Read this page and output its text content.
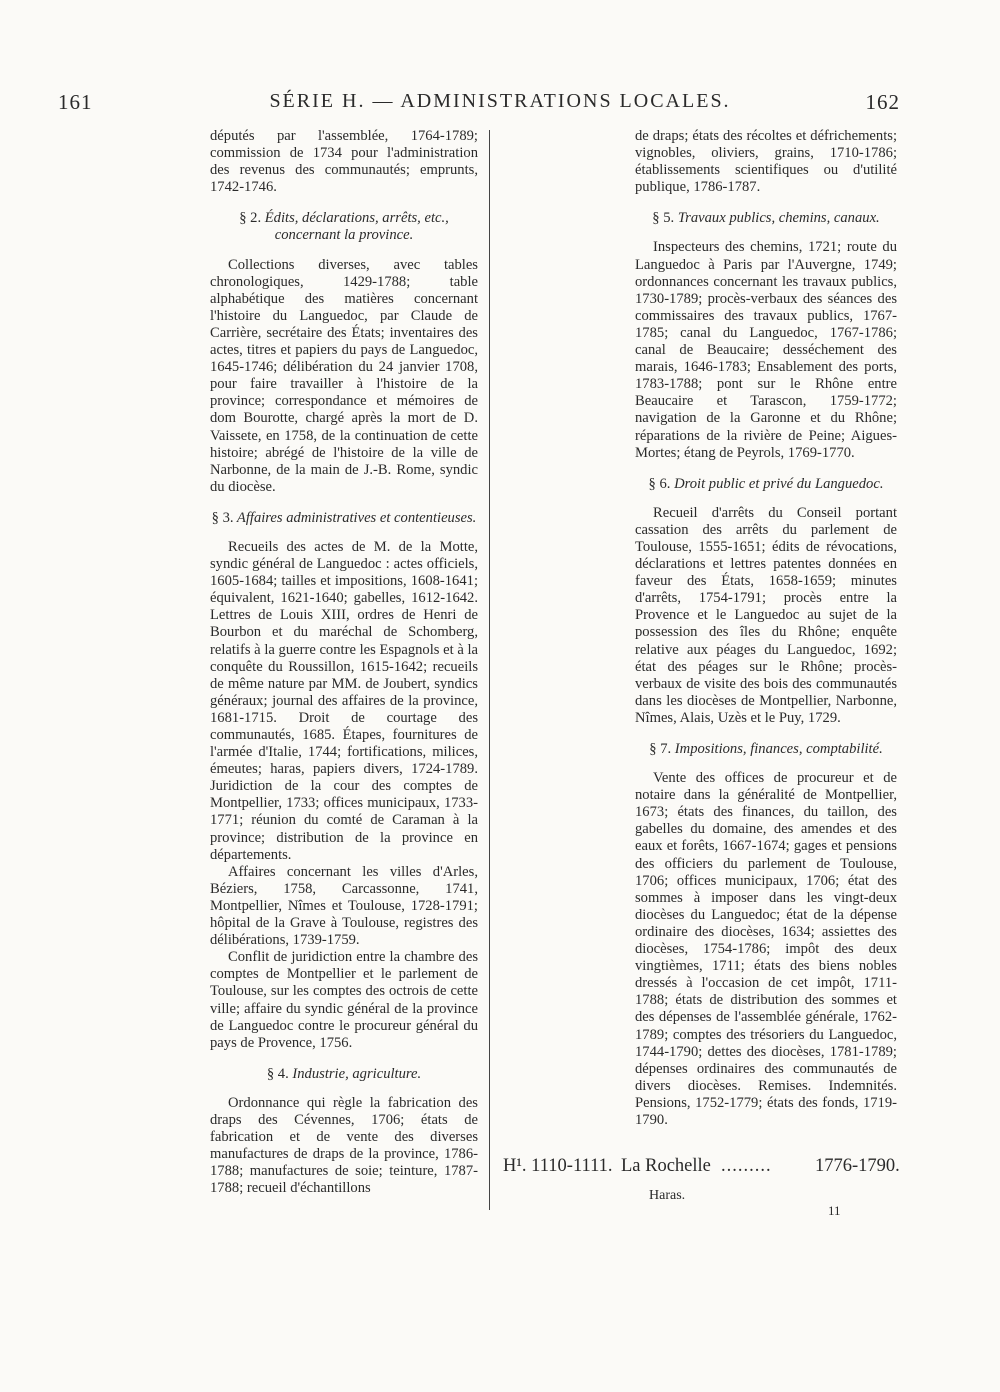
161	SÉRIE H. — ADMINISTRATIONS LOCALES.	162

députés par l'assemblée, 1764-1789; commission de 1734 pour l'administration des revenus des communautés; emprunts, 1742-1746.

§ 2. Édits, déclarations, arrêts, etc., concernant la province.

Collections diverses, avec tables chronologiques, 1429-1788; table alphabétique des matières concernant l'histoire du Languedoc, par Claude de Carrière, secrétaire des États; inventaires des actes, titres et papiers du pays de Languedoc, 1645-1746; délibération du 24 janvier 1708, pour faire travailler à l'histoire de la province; correspondance et mémoires de dom Bourotte, chargé après la mort de D. Vaissete, en 1758, de la continuation de cette histoire; abrégé de l'histoire de la ville de Narbonne, de la main de J.-B. Rome, syndic du diocèse.

§ 3. Affaires administratives et contentieuses.

Recueils des actes de M. de la Motte, syndic général de Languedoc : actes officiels, 1605-1684; tailles et impositions, 1608-1641; équivalent, 1621-1640; gabelles, 1612-1642. Lettres de Louis XIII, ordres de Henri de Bourbon et du maréchal de Schomberg, relatifs à la guerre contre les Espagnols et à la conquête du Roussillon, 1615-1642; recueils de même nature par MM. de Joubert, syndics généraux; journal des affaires de la province, 1681-1715. Droit de courtage des communautés, 1685. Étapes, fournitures de l'armée d'Italie, 1744; fortifications, milices, émeutes; haras, papiers divers, 1724-1789. Juridiction de la cour des comptes de Montpellier, 1733; offices municipaux, 1733-1771; réunion du comté de Caraman à la province; distribution de la province en départements.

Affaires concernant les villes d'Arles, Béziers, 1758, Carcassonne, 1741, Montpellier, Nîmes et Toulouse, 1728-1791; hôpital de la Grave à Toulouse, registres des délibérations, 1739-1759.

Conflit de juridiction entre la chambre des comptes de Montpellier et le parlement de Toulouse, sur les comptes des octrois de cette ville; affaire du syndic général de la province de Languedoc contre le procureur général du pays de Provence, 1756.

§ 4. Industrie, agriculture.

Ordonnance qui règle la fabrication des draps des Cévennes, 1706; états de fabrication et de vente des diverses manufactures de draps de la province, 1786-1788; manufactures de soie; teinture, 1787-1788; recueil d'échantillons

de draps; états des récoltes et défrichements; vignobles, oliviers, grains, 1710-1786; établissements scientifiques ou d'utilité publique, 1786-1787.

§ 5. Travaux publics, chemins, canaux.

Inspecteurs des chemins, 1721; route du Languedoc à Paris par l'Auvergne, 1749; ordonnances concernant les travaux publics, 1730-1789; procès-verbaux des séances des commissaires des travaux publics, 1767-1785; canal du Languedoc, 1767-1786; canal de Beaucaire; desséchement des marais, 1646-1783; Ensablement des ports, 1783-1788; pont sur le Rhône entre Beaucaire et Tarascon, 1759-1772; navigation de la Garonne et du Rhône; réparations de la rivière de Peine; Aigues-Mortes; étang de Peyrols, 1769-1770.

§ 6. Droit public et privé du Languedoc.

Recueil d'arrêts du Conseil portant cassation des arrêts du parlement de Toulouse, 1555-1651; édits de révocations, déclarations et lettres patentes données en faveur des États, 1658-1659; minutes d'arrêts, 1754-1791; procès entre la Provence et le Languedoc au sujet de la possession des îles du Rhône; enquête relative aux péages du Languedoc, 1692; état des péages sur le Rhône; procès-verbaux de visite des bois des communautés dans les diocèses de Montpellier, Narbonne, Nîmes, Alais, Uzès et le Puy, 1729.

§ 7. Impositions, finances, comptabilité.

Vente des offices de procureur et de notaire dans la généralité de Montpellier, 1673; états des finances, du taillon, des gabelles du domaine, des amendes et des eaux et forêts, 1667-1674; gages et pensions des officiers du parlement de Toulouse, 1706; offices municipaux, 1706; état des sommes à imposer dans les vingt-deux diocèses du Languedoc; état de la dépense ordinaire des diocèses, 1634; assiettes des diocèses, 1754-1786; impôt des deux vingtièmes, 1711; états des biens nobles dressés à l'occasion de cet impôt, 1711-1788; états de distribution des sommes et des dépenses de l'assemblée générale, 1762-1789; comptes des trésoriers du Languedoc, 1744-1790; dettes des diocèses, 1781-1789; dépenses ordinaires des communautés de divers diocèses. Remises. Indemnités. Pensions, 1752-1779; états des fonds, 1719-1790.

H¹. 1110-1111. La Rochelle ......... 1776-1790.
Haras.
11
